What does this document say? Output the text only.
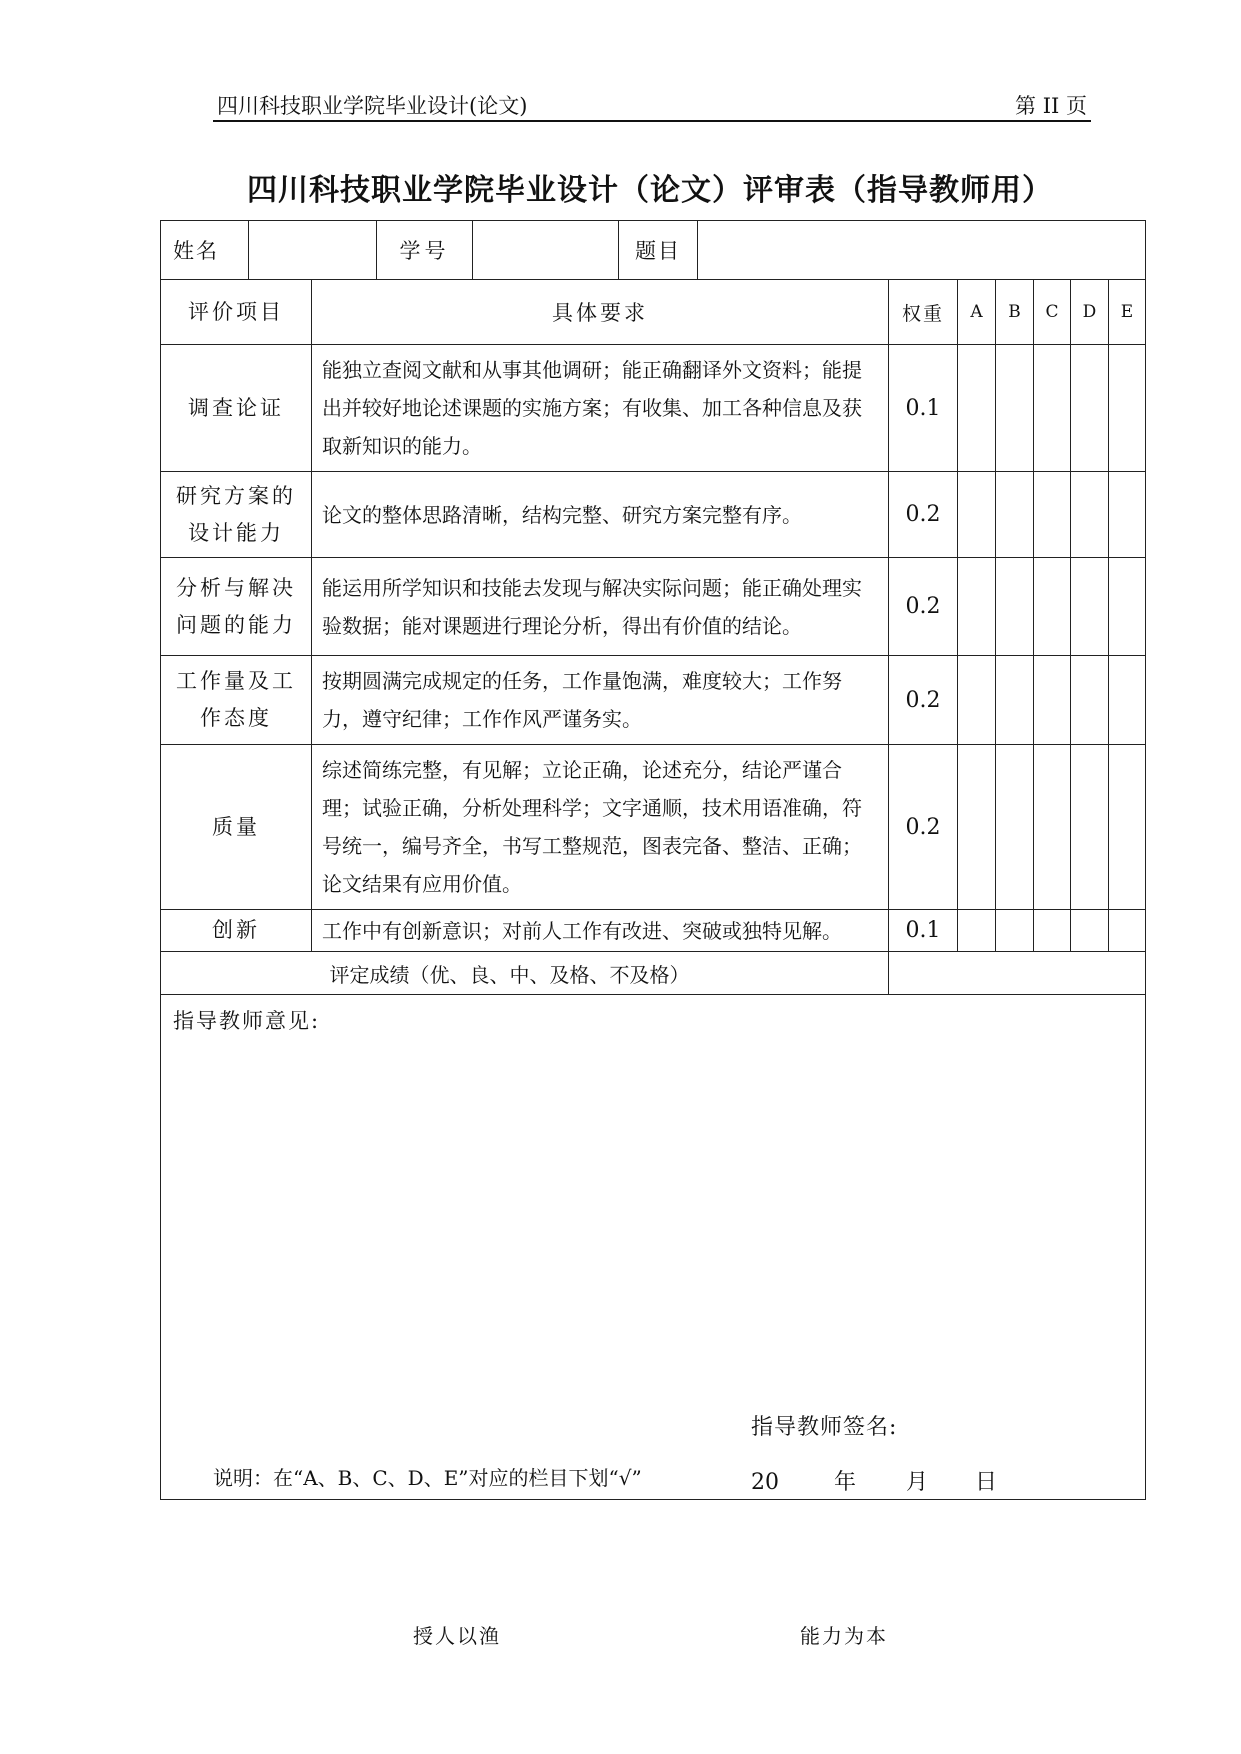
四川科技职业学院毕业设计(论文)	第 II 页
四川科技职业学院毕业设计（论文）评审表（指导教师用）
姓名 学号 题目							

评价项目	具体要求	权重	A	B	C	D	E
调查论证	能独立查阅文献和从事其他调研；能正确翻译外文资料；能提出并较好地论述课题的实施方案；有收集、加工各种信息及获取新知识的能力。	0.1					
研究方案的设计能力	论文的整体思路清晰，结构完整、研究方案完整有序。	0.2					
分析与解决问题的能力	能运用所学知识和技能去发现与解决实际问题；能正确处理实验数据；能对课题进行理论分析，得出有价值的结论。	0.2					
工作量及工作态度	按期圆满完成规定的任务，工作量饱满，难度较大；工作努力，遵守纪律；工作作风严谨务实。	0.2					
质量	综述简练完整，有见解；立论正确，论述充分，结论严谨合理；试验正确，分析处理科学；文字通顺，技术用语准确，符号统一，编号齐全，书写工整规范，图表完备、整洁、正确；论文结果有应用价值。	0.2					
创新	工作中有创新意识；对前人工作有改进、突破或独特见解。	0.1					
评定成绩（优、良、中、及格、不及格）							

指导教师意见:
指导教师签名:
20 年 月 日							
说明：在“A、B、C、D、E”对应的栏目下划“√”
授人以渔	能力为本
